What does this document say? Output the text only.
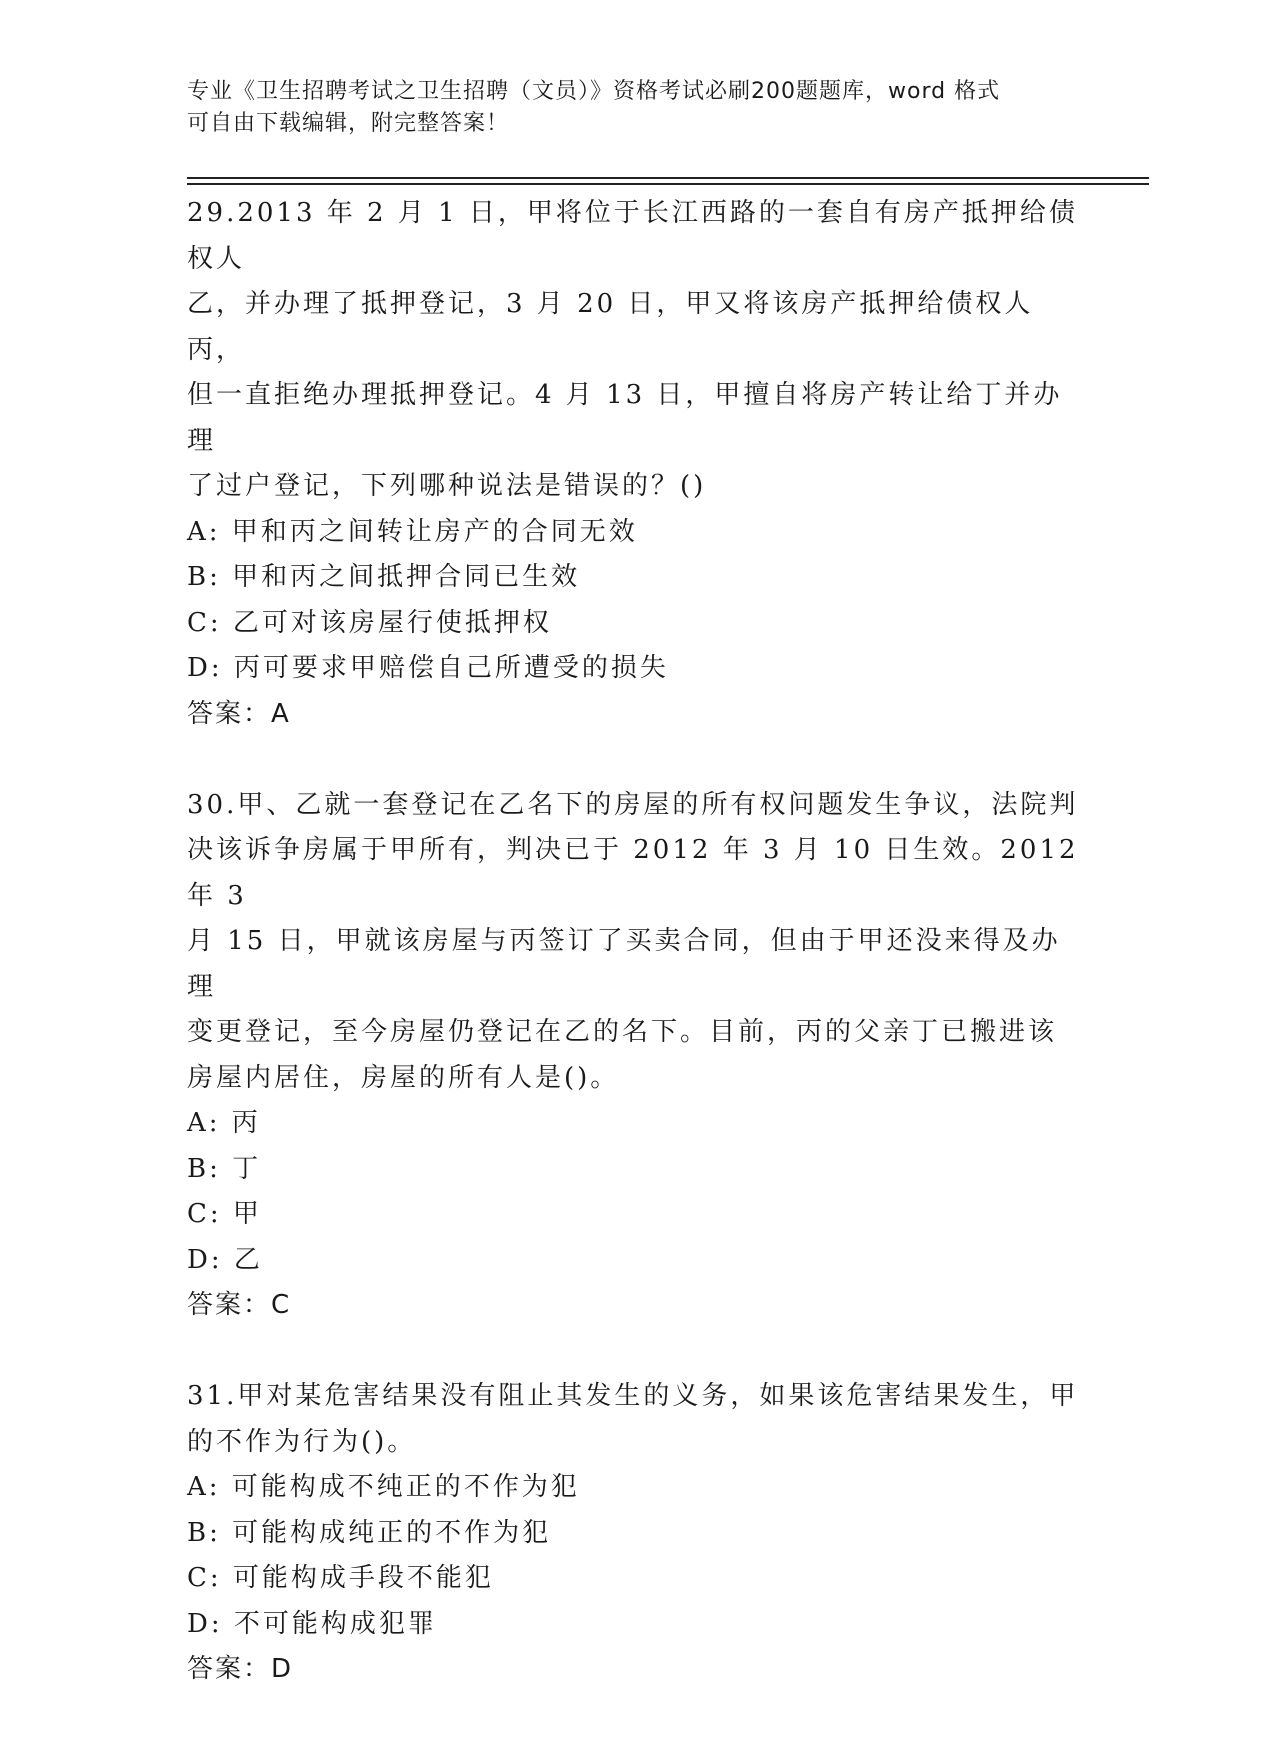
专业《卫生招聘考试之卫生招聘（文员）》资格考试必刷200题题库，word 格式
可自由下载编辑，附完整答案！
29.2013 年 2 月 1 日，甲将位于长江西路的一套自有房产抵押给债权人
乙，并办理了抵押登记，3 月 20 日，甲又将该房产抵押给债权人丙，
但一直拒绝办理抵押登记。4 月 13 日，甲擅自将房产转让给丁并办理
了过户登记，下列哪种说法是错误的？()
A: 甲和丙之间转让房产的合同无效
B: 甲和丙之间抵押合同已生效
C: 乙可对该房屋行使抵押权
D: 丙可要求甲赔偿自己所遭受的损失
答案：A
30.甲、乙就一套登记在乙名下的房屋的所有权问题发生争议，法院判
决该诉争房属于甲所有，判决已于 2012 年 3 月 10 日生效。2012 年 3
月 15 日，甲就该房屋与丙签订了买卖合同，但由于甲还没来得及办理
变更登记，至今房屋仍登记在乙的名下。目前，丙的父亲丁已搬进该
房屋内居住，房屋的所有人是()。
A: 丙
B: 丁
C: 甲
D: 乙
答案：C
31.甲对某危害结果没有阻止其发生的义务，如果该危害结果发生，甲
的不作为行为()。
A: 可能构成不纯正的不作为犯
B: 可能构成纯正的不作为犯
C: 可能构成手段不能犯
D: 不可能构成犯罪
答案：D
